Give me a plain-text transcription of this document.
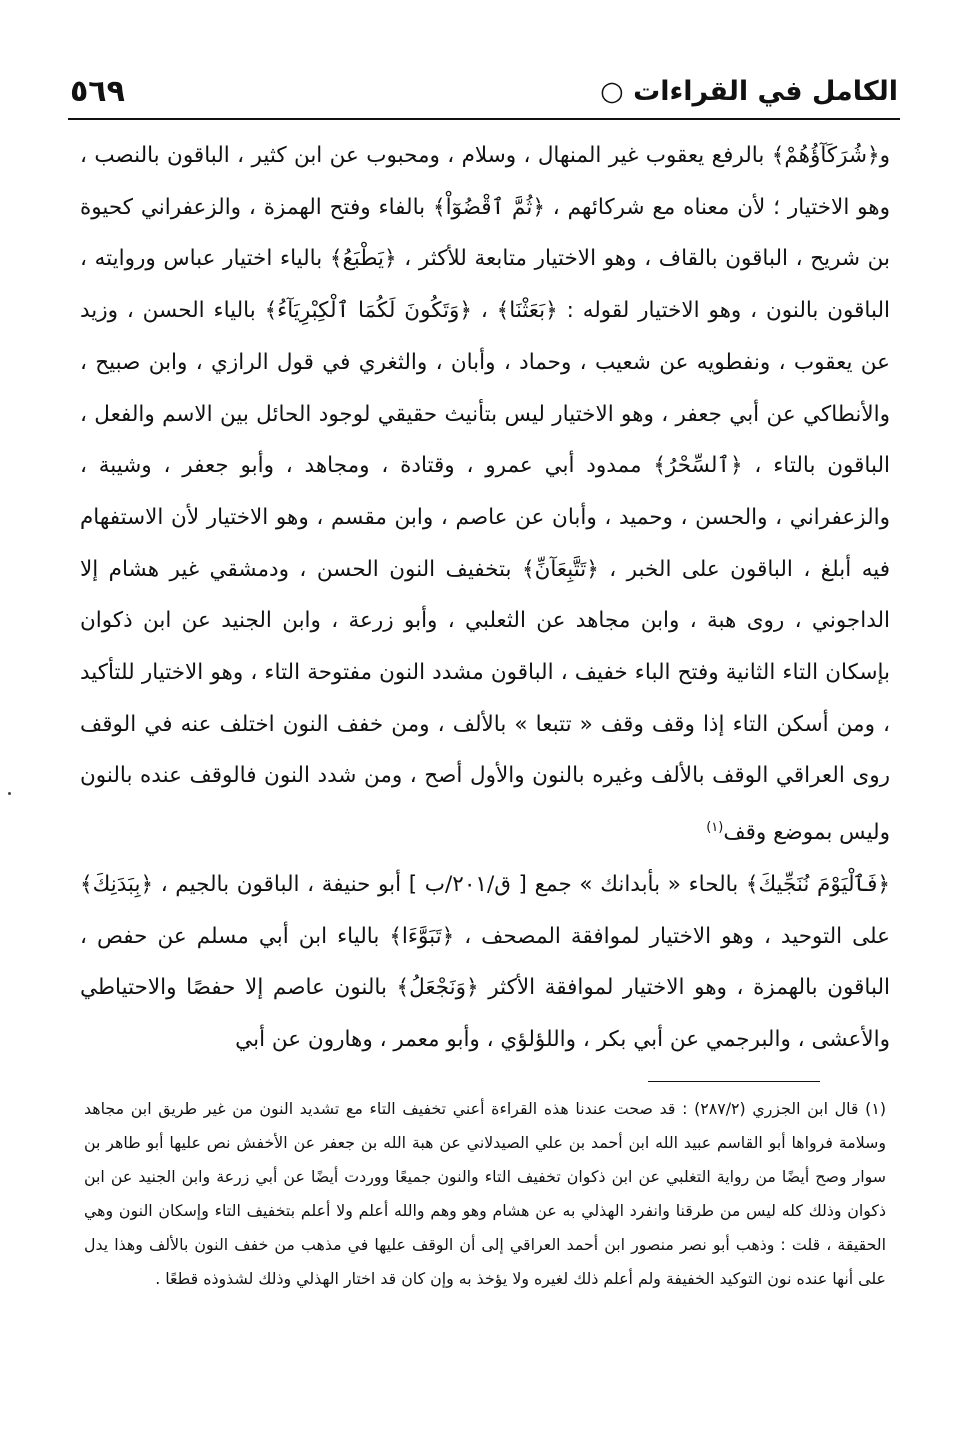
٥٦٩	الكامل في القراءات ○

و﴿شُرَكَآؤُهُمْ﴾ بالرفع يعقوب غير المنهال ، وسلام ، ومحبوب عن ابن كثير ، الباقون بالنصب ، وهو الاختيار ؛ لأن معناه مع شركائهم ، ﴿ثُمَّ ٱقْضُوٓاْ﴾ بالفاء وفتح الهمزة ، والزعفراني كحيوة بن شريح ، الباقون بالقاف ، وهو الاختيار متابعة للأكثر ، ﴿يَطْبَعُ﴾ بالياء اختيار عباس وروايته ، الباقون بالنون ، وهو الاختيار لقوله : ﴿بَعَثْنَا﴾ ، ﴿وَتَكُونَ لَكُمَا ٱلْكِبْرِيَآءُ﴾ بالياء الحسن ، وزيد عن يعقوب ، ونفطويه عن شعيب ، وحماد ، وأبان ، والثغري في قول الرازي ، وابن صبيح ، والأنطاكي عن أبي جعفر ، وهو الاختيار ليس بتأنيث حقيقي لوجود الحائل بين الاسم والفعل ، الباقون بالتاء ، ﴿ٱلسِّحْرُ﴾ ممدود أبي عمرو ، وقتادة ، ومجاهد ، وأبو جعفر ، وشيبة ، والزعفراني ، والحسن ، وحميد ، وأبان عن عاصم ، وابن مقسم ، وهو الاختيار لأن الاستفهام فيه أبلغ ، الباقون على الخبر ، ﴿تَتَّبِعَآنِّ﴾ بتخفيف النون الحسن ، ودمشقي غير هشام إلا الداجوني ، روى هبة ، وابن مجاهد عن الثعلبي ، وأبو زرعة ، وابن الجنيد عن ابن ذكوان بإسكان التاء الثانية وفتح الباء خفيف ، الباقون مشدد النون مفتوحة التاء ، وهو الاختيار للتأكيد ، ومن أسكن التاء إذا وقف وقف « تتبعا » بالألف ، ومن خفف النون اختلف عنه في الوقف روى العراقي الوقف بالألف وغيره بالنون والأول أصح ، ومن شدد النون فالوقف عنده بالنون وليس بموضع وقف$^{(١)}$

﴿فَٱلْيَوْمَ نُنَجِّيكَ﴾ بالحاء « بأبدانك » جمع [ ق/٢٠١/ب ] أبو حنيفة ، الباقون بالجيم ، ﴿بِبَدَنِكَ﴾ على التوحيد ، وهو الاختيار لموافقة المصحف ، ﴿تَبَوَّءَا﴾ بالياء ابن أبي مسلم عن حفص ، الباقون بالهمزة ، وهو الاختيار لموافقة الأكثر ﴿وَنَجْعَلُ﴾ بالنون عاصم إلا حفصًا والاحتياطي والأعشى ، والبرجمي عن أبي بكر ، واللؤلؤي ، وأبو معمر ، وهارون عن أبي

(١) قال ابن الجزري (٢٨٧/٢) : قد صحت عندنا هذه القراءة أعني تخفيف التاء مع تشديد النون من غير طريق ابن مجاهد وسلامة فرواها أبو القاسم عبيد الله ابن أحمد بن علي الصيدلاني عن هبة الله بن جعفر عن الأخفش نص عليها أبو طاهر بن سوار وصح أيضًا من رواية التغلبي عن ابن ذكوان تخفيف التاء والنون جميعًا ووردت أيضًا عن أبي زرعة وابن الجنيد عن ابن ذكوان وذلك كله ليس من طرقنا وانفرد الهذلي به عن هشام وهو وهم والله أعلم ولا أعلم بتخفيف التاء وإسكان النون وهي الحقيقة ، قلت : وذهب أبو نصر منصور ابن أحمد العراقي إلى أن الوقف عليها في مذهب من خفف النون بالألف وهذا يدل على أنها عنده نون التوكيد الخفيفة ولم أعلم ذلك لغيره ولا يؤخذ به وإن كان قد اختار الهذلي وذلك لشذوذه قطعًا .
